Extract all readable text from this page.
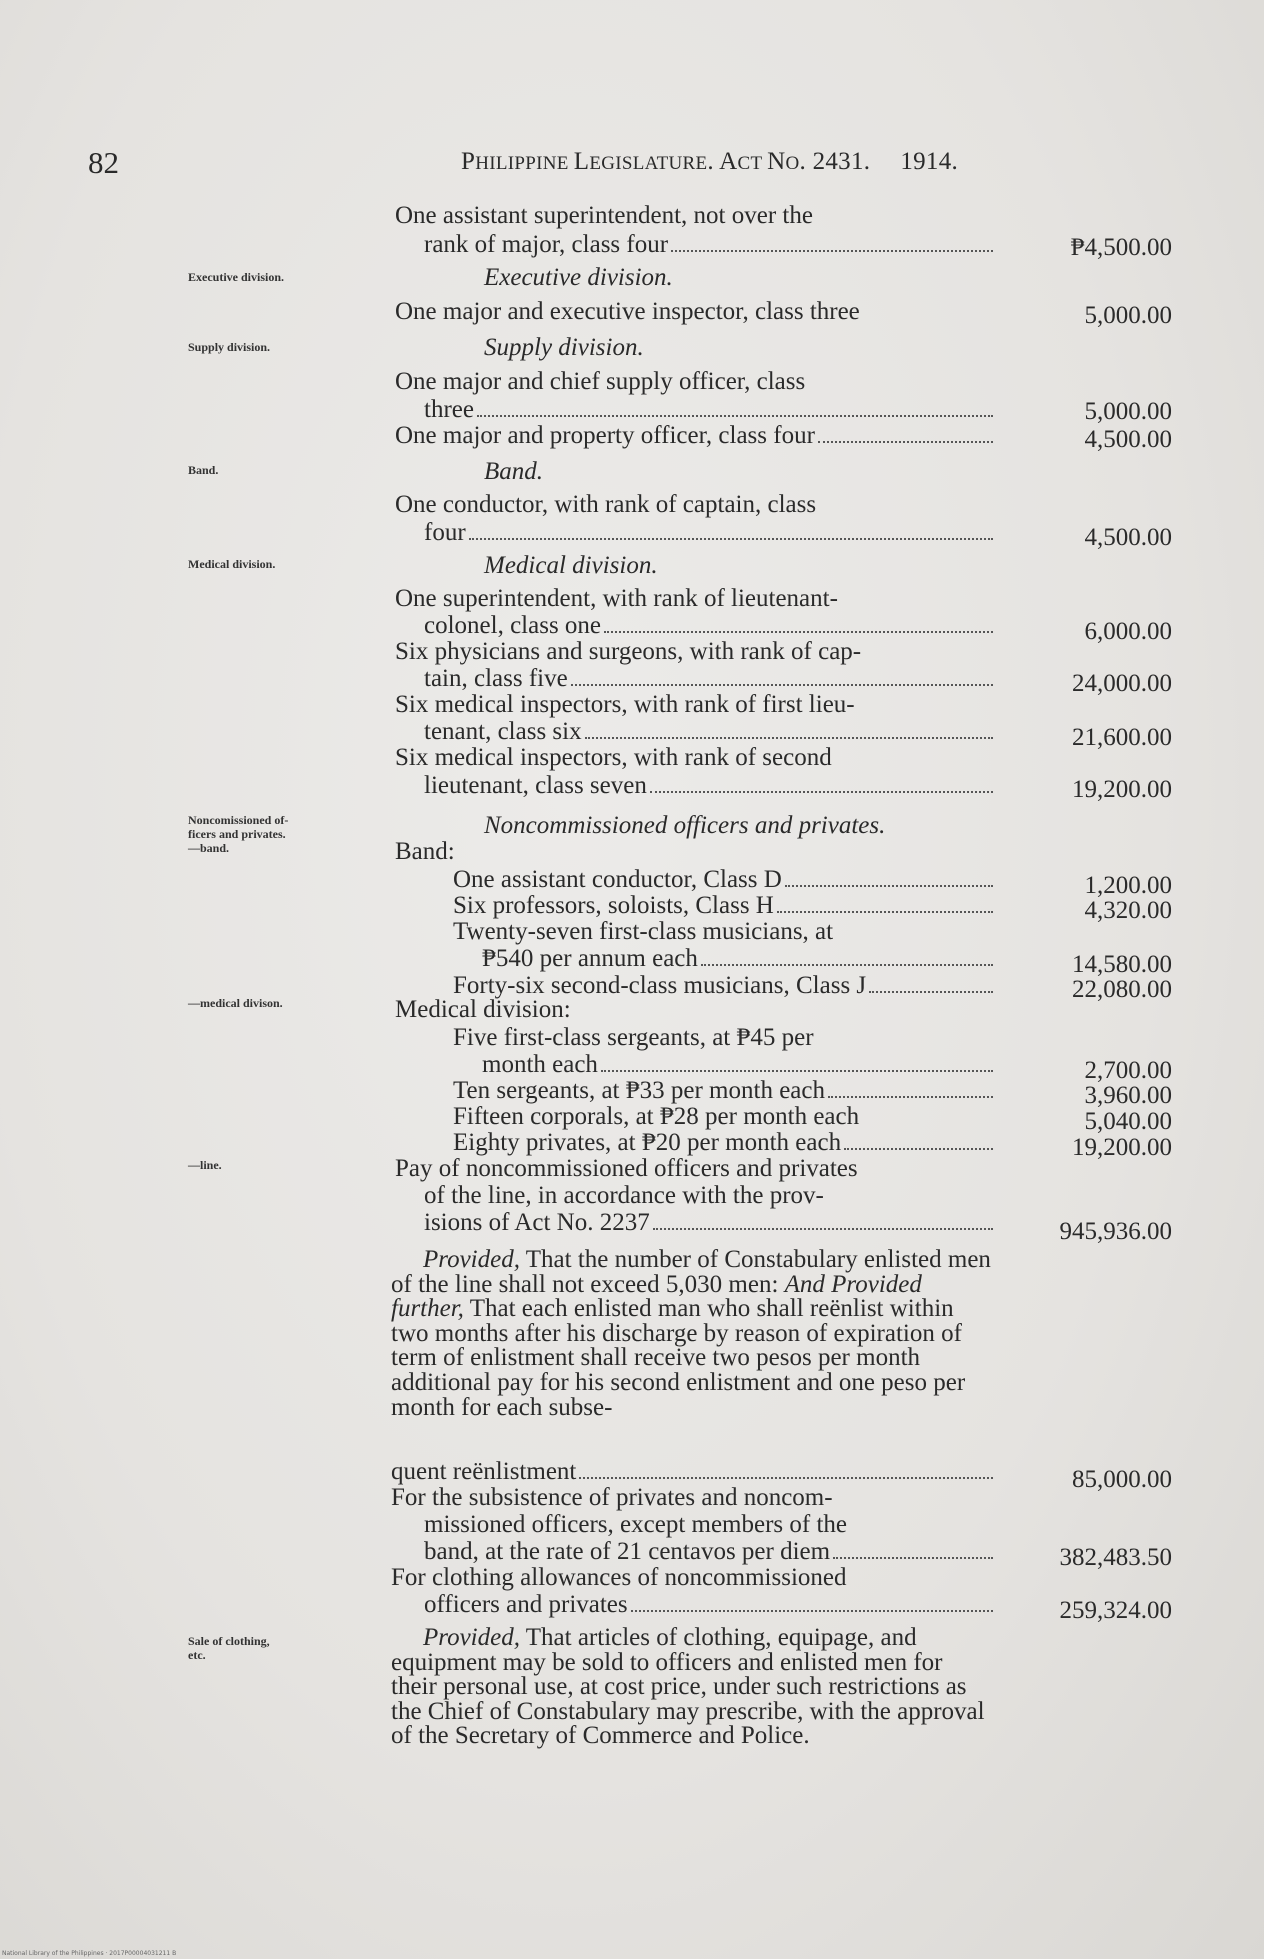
82	PHILIPPINE LEGISLATURE. ACT NO. 2431. 1914.
Executive division.
Supply division.
Band.
Medical division.
Noncomissioned of-
ficers and privates.
—band.
—medical divison.
—line.
Sale of clothing,
etc.
One assistant superintendent, not over the
rank of major, class four	₱4,500.00
Executive division.
One major and executive inspector, class three	5,000.00
Supply division.
One major and chief supply officer, class
three	5,000.00
One major and property officer, class four	4,500.00
Band.
One conductor, with rank of captain, class
four	4,500.00
Medical division.
One superintendent, with rank of lieutenant-
colonel, class one	6,000.00
Six physicians and surgeons, with rank of cap-
tain, class five	24,000.00
Six medical inspectors, with rank of first lieu-
tenant, class six	21,600.00
Six medical inspectors, with rank of second
lieutenant, class seven	19,200.00
Noncommissioned officers and privates.
Band:
One assistant conductor, Class D	1,200.00
Six professors, soloists, Class H	4,320.00
Twenty-seven first-class musicians, at
₱540 per annum each	14,580.00
Forty-six second-class musicians, Class J	22,080.00
Medical division:
Five first-class sergeants, at ₱45 per
month each	2,700.00
Ten sergeants, at ₱33 per month each	3,960.00
Fifteen corporals, at ₱28 per month each	5,040.00
Eighty privates, at ₱20 per month each	19,200.00
Pay of noncommissioned officers and privates
of the line, in accordance with the prov-
isions of Act No. 2237	945,936.00
Provided, That the number of Constabulary enlisted men of the line shall not exceed 5,030 men: And Provided further, That each enlisted man who shall reënlist within two months after his discharge by reason of expiration of term of enlistment shall receive two pesos per month additional pay for his second enlistment and one peso per month for each subse-
quent reënlistment	85,000.00
For the subsistence of privates and noncom-
missioned officers, except members of the
band, at the rate of 21 centavos per diem	382,483.50
For clothing allowances of noncommissioned
officers and privates	259,324.00
Provided, That articles of clothing, equipage, and equipment may be sold to officers and enlisted men for their personal use, at cost price, under such restrictions as the Chief of Constabulary may prescribe, with the approval of the Secretary of Commerce and Police.
National Library of the Philippines · 2017P00004031211 B
